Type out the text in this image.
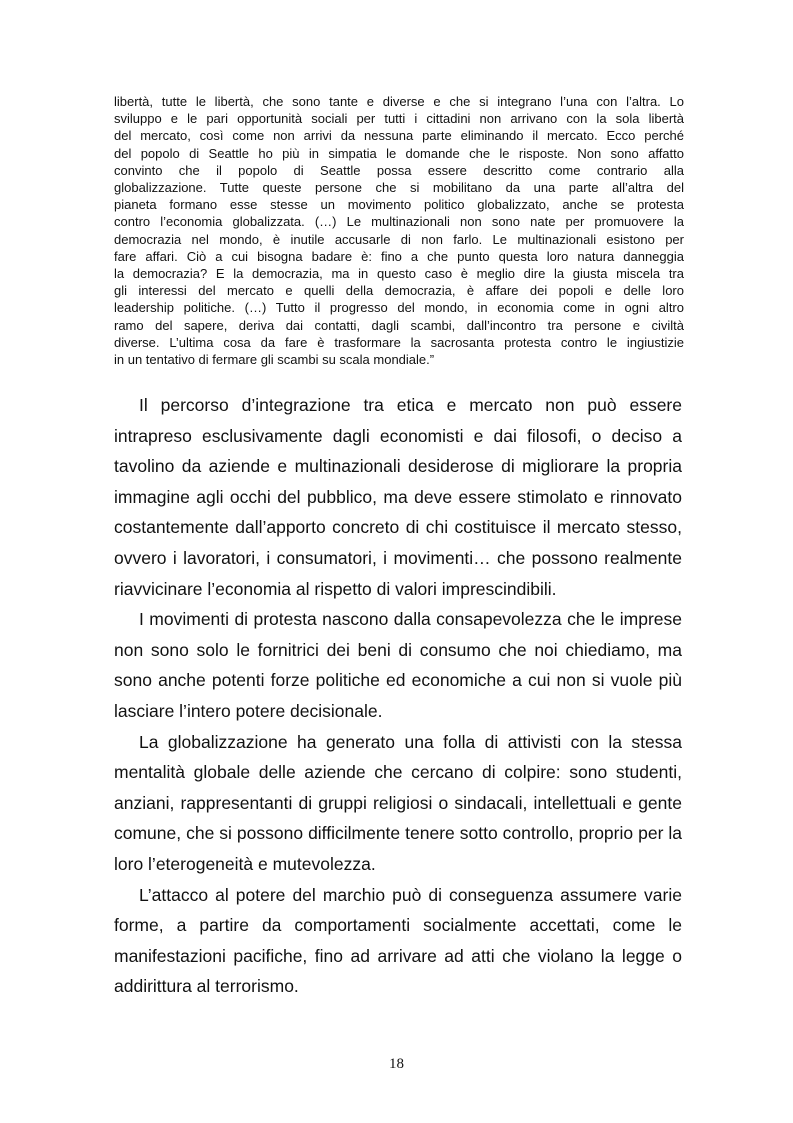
libertà, tutte le libertà, che sono tante e diverse e che si integrano l’una con l’altra. Lo
sviluppo e le pari opportunità sociali per tutti i cittadini non arrivano con la sola libertà
del mercato, così come non arrivi da nessuna parte eliminando il mercato. Ecco perché
del popolo di Seattle ho più in simpatia le domande che le risposte. Non sono affatto
convinto che il popolo di Seattle possa essere descritto come contrario alla
globalizzazione. Tutte queste persone che si mobilitano da una parte all’altra del
pianeta formano esse stesse un movimento politico globalizzato, anche se protesta
contro l’economia globalizzata. (…) Le multinazionali non sono nate per promuovere la
democrazia nel mondo, è inutile accusarle di non farlo. Le multinazionali esistono per
fare affari. Ciò a cui bisogna badare è: fino a che punto questa loro natura danneggia
la democrazia? E la democrazia, ma in questo caso è meglio dire la giusta miscela tra
gli interessi del mercato e quelli della democrazia, è affare dei popoli e delle loro
leadership politiche. (…) Tutto il progresso del mondo, in economia come in ogni altro
ramo del sapere, deriva dai contatti, dagli scambi, dall’incontro tra persone e civiltà
diverse. L’ultima cosa da fare è trasformare la sacrosanta protesta contro le ingiustizie
in un tentativo di fermare gli scambi su scala mondiale.”
Il percorso d’integrazione tra etica e mercato non può essere
intrapreso esclusivamente dagli economisti e dai filosofi, o deciso a
tavolino da aziende e multinazionali desiderose di migliorare la propria
immagine agli occhi del pubblico, ma deve essere stimolato e rinnovato
costantemente dall’apporto concreto di chi costituisce il mercato stesso,
ovvero i lavoratori, i consumatori, i movimenti… che possono realmente
riavvicinare l’economia al rispetto di valori imprescindibili.
I movimenti di protesta nascono dalla consapevolezza che le imprese
non sono solo le fornitrici dei beni di consumo che noi chiediamo, ma
sono anche potenti forze politiche ed economiche a cui non si vuole più
lasciare l’intero potere decisionale.
La globalizzazione ha generato una folla di attivisti con la stessa
mentalità globale delle aziende che cercano di colpire: sono studenti,
anziani, rappresentanti di gruppi religiosi o sindacali, intellettuali e gente
comune, che si possono difficilmente tenere sotto controllo, proprio per la
loro l’eterogeneità e mutevolezza.
L’attacco al potere del marchio può di conseguenza assumere varie
forme, a partire da comportamenti socialmente accettati, come le
manifestazioni pacifiche, fino ad arrivare ad atti che violano la legge o
addirittura al terrorismo.
18
